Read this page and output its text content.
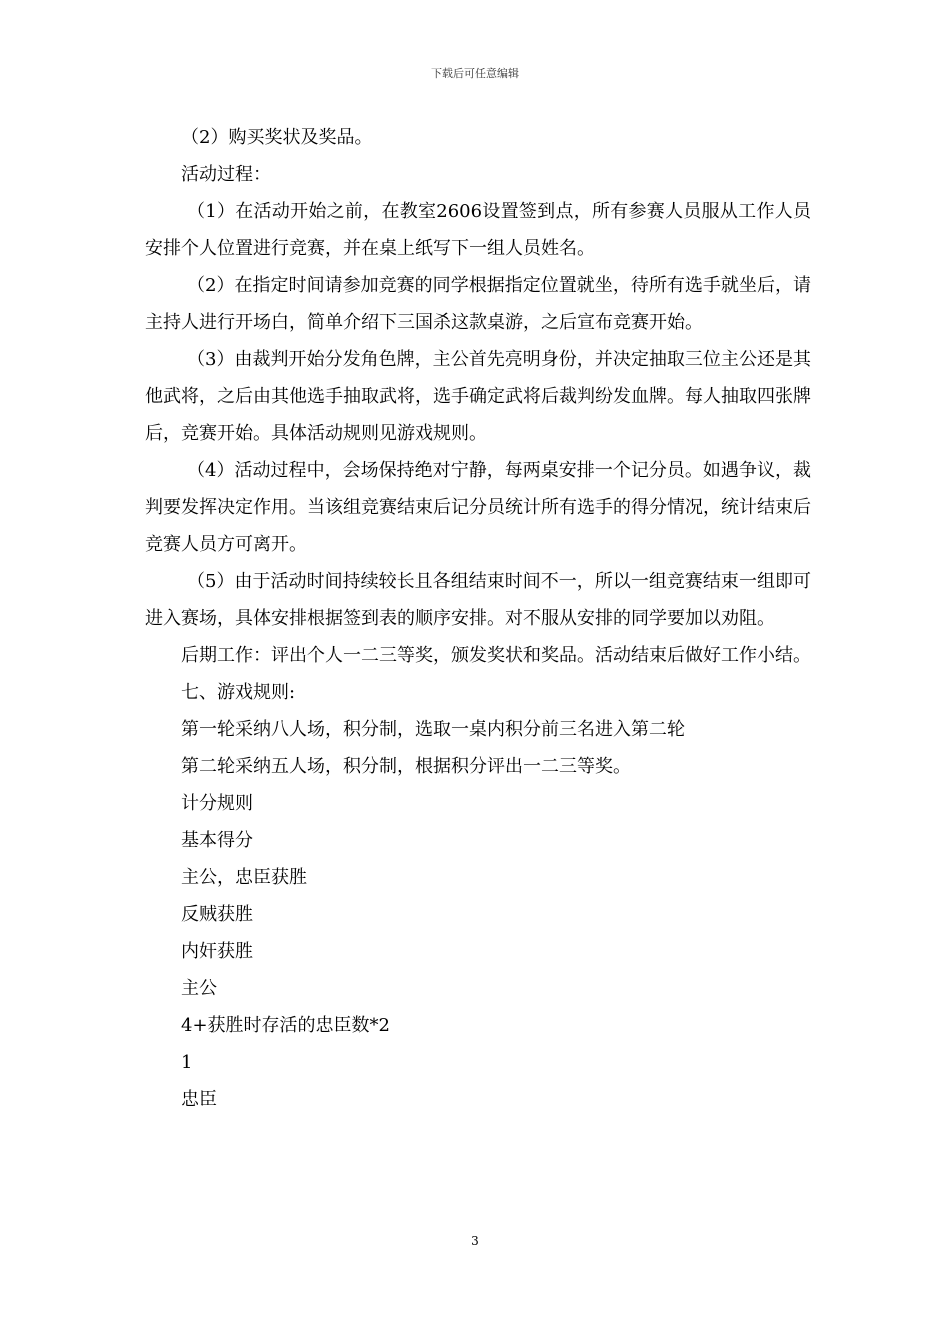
下载后可任意编辑

（2）购买奖状及奖品。

活动过程：

（1）在活动开始之前，在教室2606设置签到点，所有参赛人员服从工作人员安排个人位置进行竞赛，并在桌上纸写下一组人员姓名。

（2）在指定时间请参加竞赛的同学根据指定位置就坐，待所有选手就坐后，请主持人进行开场白，简单介绍下三国杀这款桌游，之后宣布竞赛开始。

（3）由裁判开始分发角色牌，主公首先亮明身份，并决定抽取三位主公还是其他武将，之后由其他选手抽取武将，选手确定武将后裁判纷发血牌。每人抽取四张牌后，竞赛开始。具体活动规则见游戏规则。

（4）活动过程中，会场保持绝对宁静，每两桌安排一个记分员。如遇争议，裁判要发挥决定作用。当该组竞赛结束后记分员统计所有选手的得分情况，统计结束后竞赛人员方可离开。

（5）由于活动时间持续较长且各组结束时间不一，所以一组竞赛结束一组即可进入赛场，具体安排根据签到表的顺序安排。对不服从安排的同学要加以劝阻。

后期工作：评出个人一二三等奖，颁发奖状和奖品。活动结束后做好工作小结。

七、游戏规则:

第一轮采纳八人场，积分制，选取一桌内积分前三名进入第二轮

第二轮采纳五人场，积分制，根据积分评出一二三等奖。

计分规则

基本得分

主公，忠臣获胜

反贼获胜

内奸获胜

主公

4+获胜时存活的忠臣数*2

1

忠臣

3
